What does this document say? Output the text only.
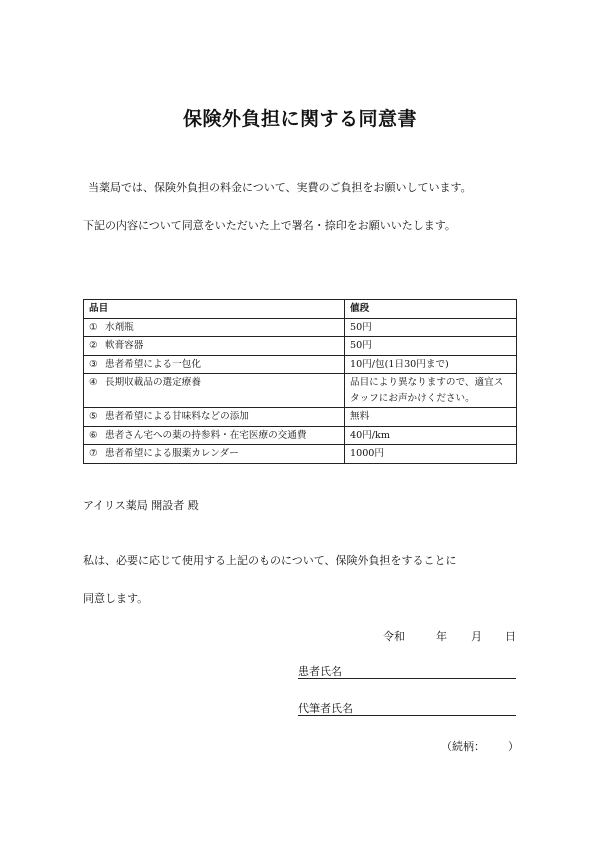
保険外負担に関する同意書
当薬局では、保険外負担の料金について、実費のご負担をお願いしています。
下記の内容について同意をいただいた上で署名・捺印をお願いいたします。
品目	値段
① 水剤瓶	50円
② 軟膏容器	50円
③ 患者希望による一包化	10円/包(1日30円まで)
④ 長期収載品の選定療養	品目により異なりますので、適宜スタッフにお声かけください。
⑤ 患者希望による甘味料などの添加	無料
⑥ 患者さん宅への薬の持参料・在宅医療の交通費	40円/km
⑦ 患者希望による服薬カレンダー	1000円
アイリス薬局 開設者 殿
私は、必要に応じて使用する上記のものについて、保険外負担をすることに
同意します。
令和	年 月 日
患者氏名
代筆者氏名
（続柄： ）
